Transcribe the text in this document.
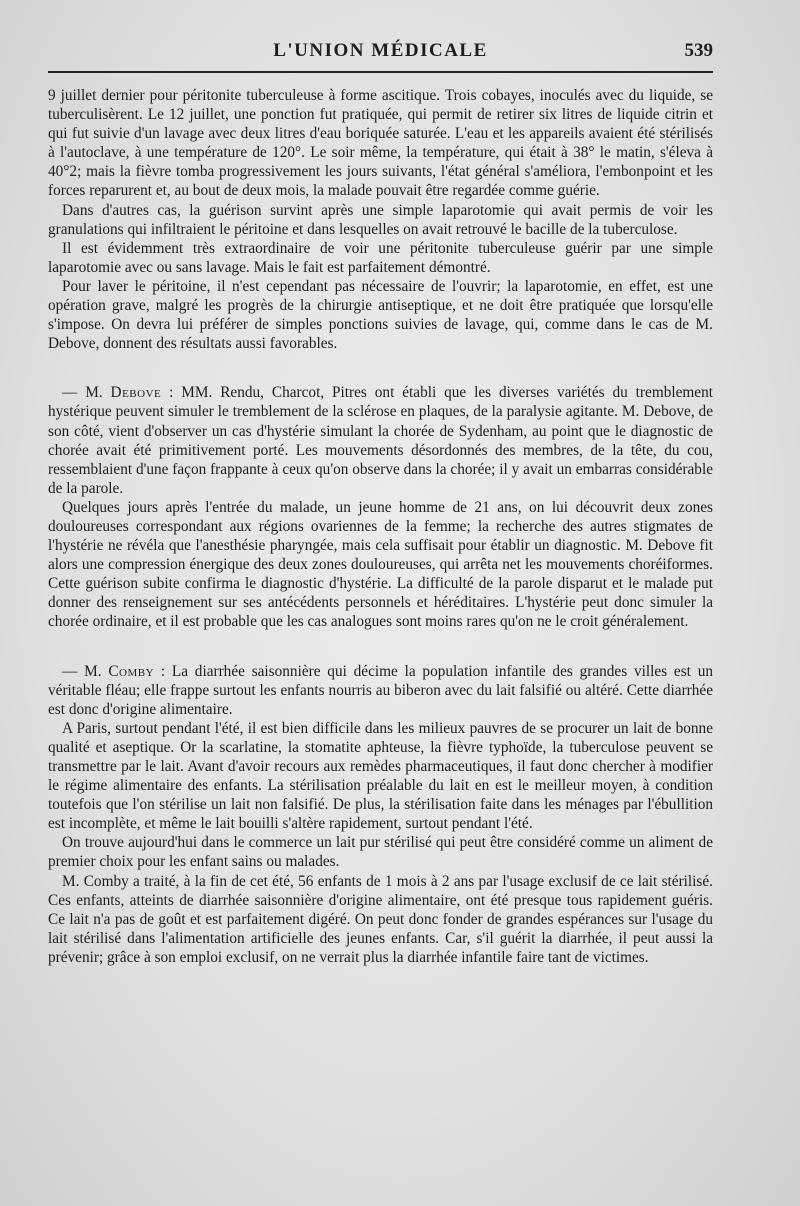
L'UNION MÉDICALE	539

9 juillet dernier pour péritonite tuberculeuse à forme ascitique. Trois cobayes, inoculés avec du liquide, se tuberculisèrent. Le 12 juillet, une ponction fut pratiquée, qui permit de retirer six litres de liquide citrin et qui fut suivie d'un lavage avec deux litres d'eau boriquée saturée. L'eau et les appareils avaient été stérilisés à l'autoclave, à une température de 120°. Le soir même, la température, qui était à 38° le matin, s'éleva à 40°2; mais la fièvre tomba progressivement les jours suivants, l'état général s'améliora, l'embonpoint et les forces reparurent et, au bout de deux mois, la malade pouvait être regardée comme guérie.

Dans d'autres cas, la guérison survint après une simple laparotomie qui avait permis de voir les granulations qui infiltraient le péritoine et dans lesquelles on avait retrouvé le bacille de la tuberculose.

Il est évidemment très extraordinaire de voir une péritonite tuberculeuse guérir par une simple laparotomie avec ou sans lavage. Mais le fait est parfaitement démontré.

Pour laver le péritoine, il n'est cependant pas nécessaire de l'ouvrir; la laparotomie, en effet, est une opération grave, malgré les progrès de la chirurgie antiseptique, et ne doit être pratiquée que lorsqu'elle s'impose. On devra lui préférer de simples ponctions suivies de lavage, qui, comme dans le cas de M. Debove, donnent des résultats aussi favorables.

— M. Debove : MM. Rendu, Charcot, Pitres ont établi que les diverses variétés du tremblement hystérique peuvent simuler le tremblement de la sclérose en plaques, de la paralysie agitante. M. Debove, de son côté, vient d'observer un cas d'hystérie simulant la chorée de Sydenham, au point que le diagnostic de chorée avait été primitivement porté. Les mouvements désordonnés des membres, de la tête, du cou, ressemblaient d'une façon frappante à ceux qu'on observe dans la chorée; il y avait un embarras considérable de la parole.

Quelques jours après l'entrée du malade, un jeune homme de 21 ans, on lui découvrit deux zones douloureuses correspondant aux régions ovariennes de la femme; la recherche des autres stigmates de l'hystérie ne révéla que l'anesthésie pharyngée, mais cela suffisait pour établir un diagnostic. M. Debove fit alors une compression énergique des deux zones douloureuses, qui arrêta net les mouvements choréiformes. Cette guérison subite confirma le diagnostic d'hystérie. La difficulté de la parole disparut et le malade put donner des renseignement sur ses antécédents personnels et héréditaires. L'hystérie peut donc simuler la chorée ordinaire, et il est probable que les cas analogues sont moins rares qu'on ne le croit généralement.

— M. Comby : La diarrhée saisonnière qui décime la population infantile des grandes villes est un véritable fléau; elle frappe surtout les enfants nourris au biberon avec du lait falsifié ou altéré. Cette diarrhée est donc d'origine alimentaire.

A Paris, surtout pendant l'été, il est bien difficile dans les milieux pauvres de se procurer un lait de bonne qualité et aseptique. Or la scarlatine, la stomatite aphteuse, la fièvre typhoïde, la tuberculose peuvent se transmettre par le lait. Avant d'avoir recours aux remèdes pharmaceutiques, il faut donc chercher à modifier le régime alimentaire des enfants. La stérilisation préalable du lait en est le meilleur moyen, à condition toutefois que l'on stérilise un lait non falsifié. De plus, la stérilisation faite dans les ménages par l'ébullition est incomplète, et même le lait bouilli s'altère rapidement, surtout pendant l'été.

On trouve aujourd'hui dans le commerce un lait pur stérilisé qui peut être considéré comme un aliment de premier choix pour les enfant sains ou malades.

M. Comby a traité, à la fin de cet été, 56 enfants de 1 mois à 2 ans par l'usage exclusif de ce lait stérilisé. Ces enfants, atteints de diarrhée saisonnière d'origine alimentaire, ont été presque tous rapidement guéris. Ce lait n'a pas de goût et est parfaitement digéré. On peut donc fonder de grandes espérances sur l'usage du lait stérilisé dans l'alimentation artificielle des jeunes enfants. Car, s'il guérit la diarrhée, il peut aussi la prévenir; grâce à son emploi exclusif, on ne verrait plus la diarrhée infantile faire tant de victimes.
